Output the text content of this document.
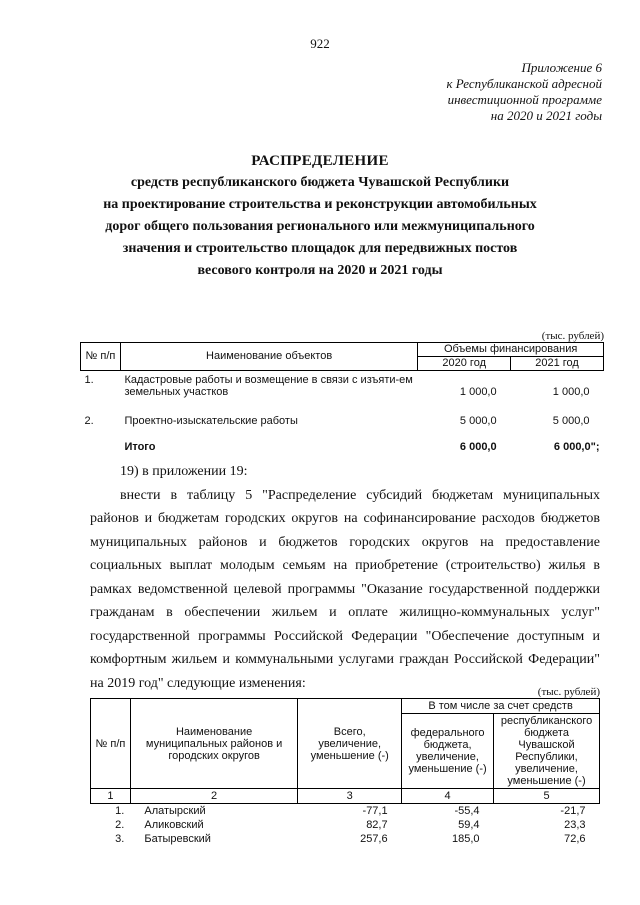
922
Приложение 6
к Республиканской адресной
инвестиционной программе
на 2020 и 2021 годы
РАСПРЕДЕЛЕНИЕ
средств республиканского бюджета Чувашской Республики
на проектирование строительства и реконструкции автомобильных
дорог общего пользования регионального или межмуниципального
значения и строительство площадок для передвижных постов
весового контроля на 2020 и 2021 годы
(тыс. рублей)
№ п/п	Наименование объектов	Объемы финансирования	
		2020 год	2021 год
1.	Кадастровые работы и возмещение в связи с изъяти-ем земельных участков	1 000,0	1 000,0
2.	Проектно-изыскательские работы	5 000,0	5 000,0
	Итого	6 000,0	6 000,0";

19) в приложении 19:

внести в таблицу 5 "Распределение субсидий бюджетам муниципальных районов и бюджетам городских округов на софинансирование расходов бюджетов муниципальных районов и бюджетов городских округов на предоставление социальных выплат молодым семьям на приобретение (строительство) жилья в рамках ведомственной целевой программы "Оказание государственной поддержки гражданам в обеспечении жильем и оплате жилищно-коммунальных услуг" государственной программы Российской Федерации "Обеспечение доступным и комфортным жильем и коммунальными услугами граждан Российской Федерации" на 2019 год" следующие изменения:

(тыс. рублей)
№ п/п	Наименование муниципальных районов и городских округов	Всего, увеличение, уменьшение (-)	В том числе за счет средств	
			федерального бюджета, увеличение, уменьшение (-)	республиканского бюджета Чувашской Республики, увеличение, уменьшение (-)
1	2	3	4	5
1.	Алатырский	-77,1	-55,4	-21,7
2.	Аликовский	82,7	59,4	23,3
3.	Батыревский	257,6	185,0	72,6
